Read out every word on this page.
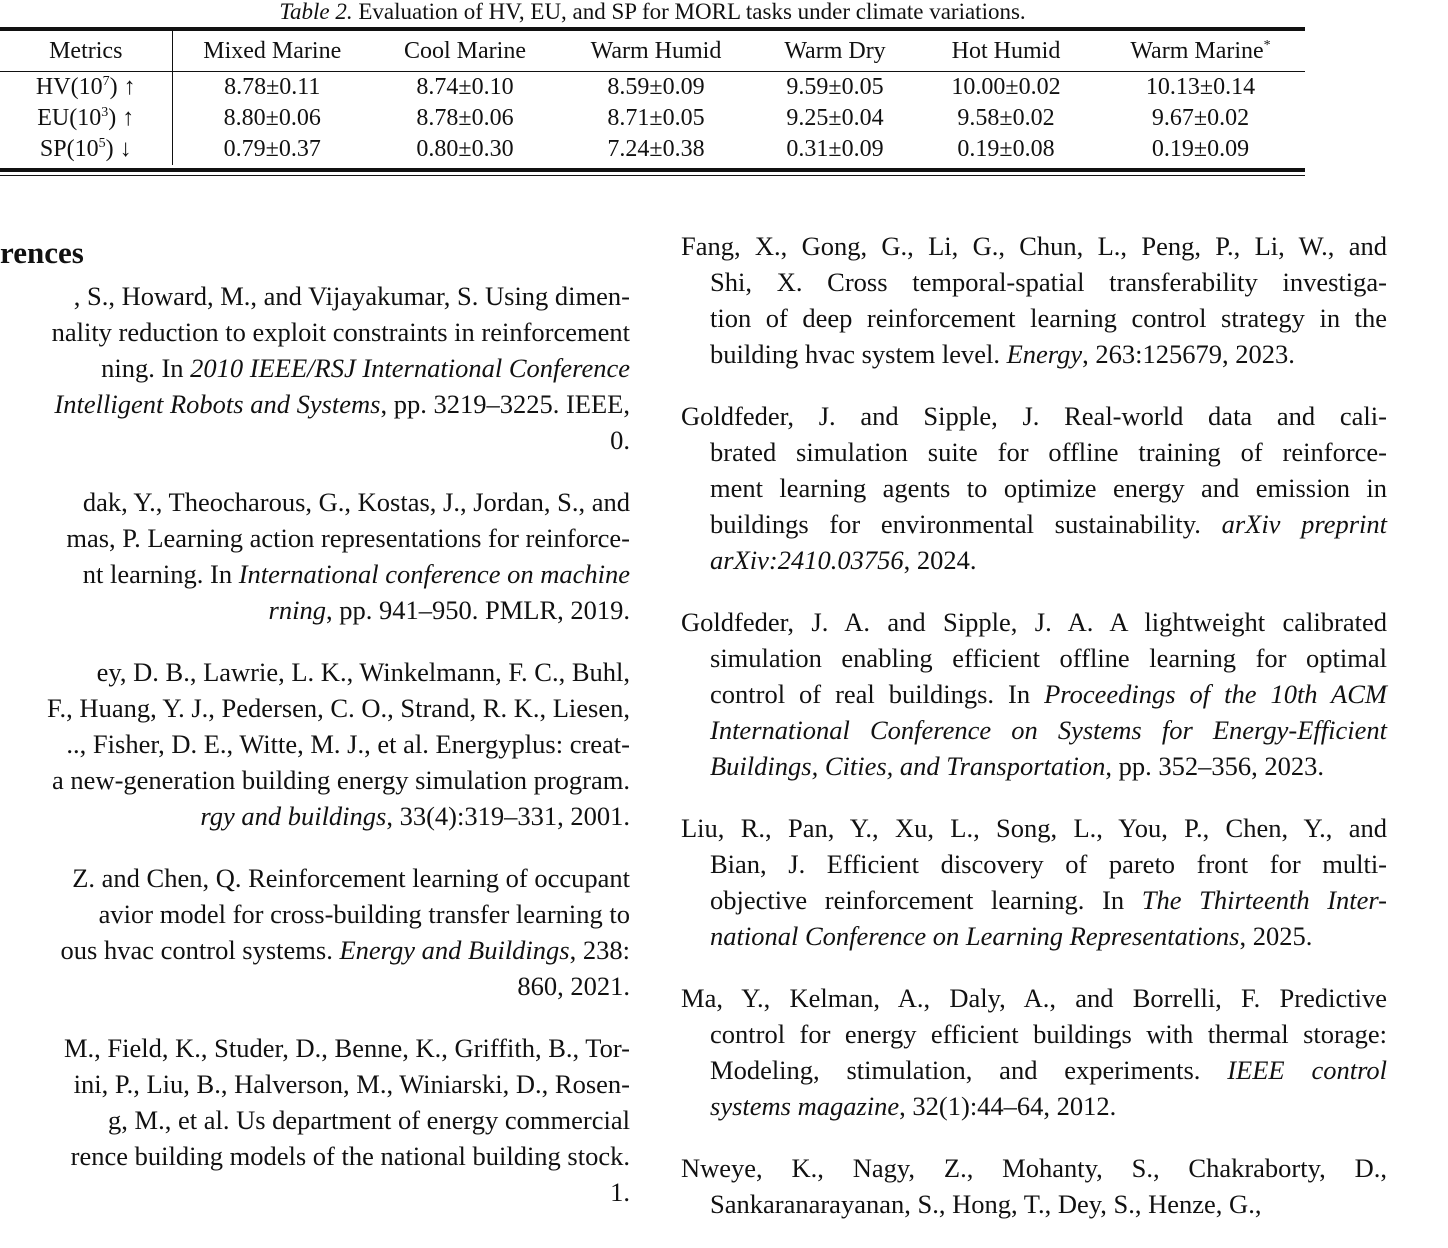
Table 2. Evaluation of HV, EU, and SP for MORL tasks under climate variations.
Metrics	Mixed Marine	Cool Marine	Warm Humid	Warm Dry	Hot Humid	Warm Marine*

$HV(10^7)$ ↑	8.78±0.11	8.74±0.10	8.59±0.09	9.59±0.05	10.00±0.02	10.13±0.14
$EU(10^3)$ ↑	8.80±0.06	8.78±0.06	8.71±0.05	9.25±0.04	9.58±0.02	9.67±0.02
$SP(10^5)$ ↓	0.79±0.37	0.80±0.30	7.24±0.38	0.31±0.09	0.19±0.08	0.19±0.09
rences
, S., Howard, M., and Vijayakumar, S. Using dimen-
nality reduction to exploit constraints in reinforcement
ning. In 2010 IEEE/RSJ International Conference
Intelligent Robots and Systems, pp. 3219–3225. IEEE,
0.
dak, Y., Theocharous, G., Kostas, J., Jordan, S., and
mas, P. Learning action representations for reinforce-
nt learning. In International conference on machine
rning, pp. 941–950. PMLR, 2019.
ey, D. B., Lawrie, L. K., Winkelmann, F. C., Buhl,
F., Huang, Y. J., Pedersen, C. O., Strand, R. K., Liesen,
.., Fisher, D. E., Witte, M. J., et al. Energyplus: creat-
a new-generation building energy simulation program.
rgy and buildings, 33(4):319–331, 2001.
Z. and Chen, Q. Reinforcement learning of occupant
avior model for cross-building transfer learning to
ous hvac control systems. Energy and Buildings, 238:
860, 2021.
M., Field, K., Studer, D., Benne, K., Griffith, B., Tor-
ini, P., Liu, B., Halverson, M., Winiarski, D., Rosen-
g, M., et al. Us department of energy commercial
rence building models of the national building stock.
1.
Fang, X., Gong, G., Li, G., Chun, L., Peng, P., Li, W., and
Shi, X. Cross temporal-spatial transferability investiga-
tion of deep reinforcement learning control strategy in the
building hvac system level. Energy, 263:125679, 2023.
Goldfeder, J. and Sipple, J. Real-world data and cali-
brated simulation suite for offline training of reinforce-
ment learning agents to optimize energy and emission in
buildings for environmental sustainability. arXiv preprint
arXiv:2410.03756, 2024.
Goldfeder, J. A. and Sipple, J. A. A lightweight calibrated
simulation enabling efficient offline learning for optimal
control of real buildings. In Proceedings of the 10th ACM
International Conference on Systems for Energy-Efficient
Buildings, Cities, and Transportation, pp. 352–356, 2023.
Liu, R., Pan, Y., Xu, L., Song, L., You, P., Chen, Y., and
Bian, J. Efficient discovery of pareto front for multi-
objective reinforcement learning. In The Thirteenth Inter-
national Conference on Learning Representations, 2025.
Ma, Y., Kelman, A., Daly, A., and Borrelli, F. Predictive
control for energy efficient buildings with thermal storage:
Modeling, stimulation, and experiments. IEEE control
systems magazine, 32(1):44–64, 2012.
Nweye, K., Nagy, Z., Mohanty, S., Chakraborty, D.,
Sankaranarayanan, S., Hong, T., Dey, S., Henze, G.,
